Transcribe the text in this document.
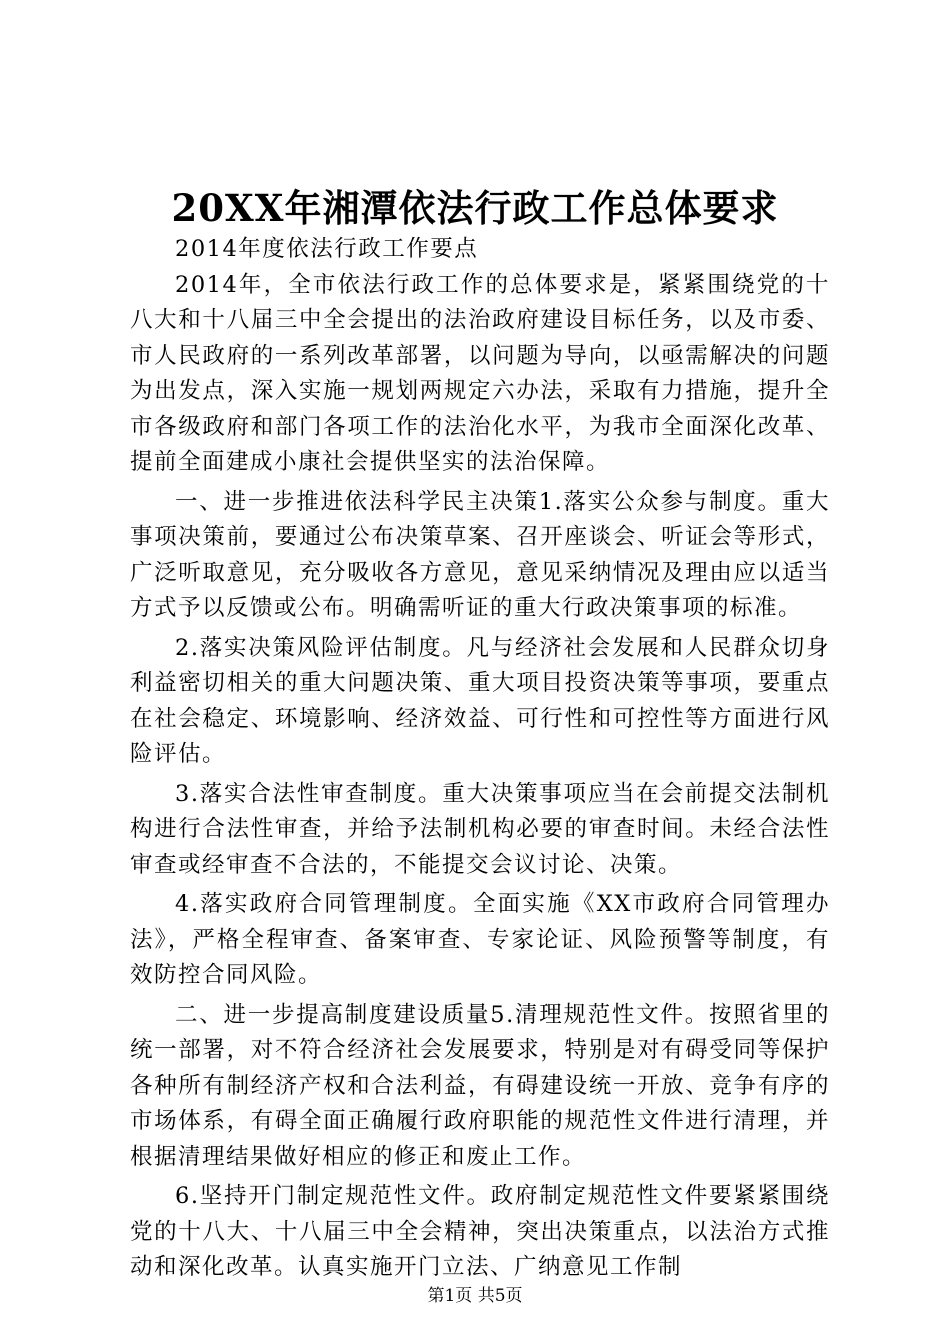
20XX年湘潭依法行政工作总体要求

2014年度依法行政工作要点

2014年，全市依法行政工作的总体要求是，紧紧围绕党的十八大和十八届三中全会提出的法治政府建设目标任务，以及市委、市人民政府的一系列改革部署，以问题为导向，以亟需解决的问题为出发点，深入实施一规划两规定六办法，采取有力措施，提升全市各级政府和部门各项工作的法治化水平，为我市全面深化改革、提前全面建成小康社会提供坚实的法治保障。

一、进一步推进依法科学民主决策1.落实公众参与制度。重大事项决策前，要通过公布决策草案、召开座谈会、听证会等形式，广泛听取意见，充分吸收各方意见，意见采纳情况及理由应以适当方式予以反馈或公布。明确需听证的重大行政决策事项的标准。

2.落实决策风险评估制度。凡与经济社会发展和人民群众切身利益密切相关的重大问题决策、重大项目投资决策等事项，要重点在社会稳定、环境影响、经济效益、可行性和可控性等方面进行风险评估。

3.落实合法性审查制度。重大决策事项应当在会前提交法制机构进行合法性审查，并给予法制机构必要的审查时间。未经合法性审查或经审查不合法的，不能提交会议讨论、决策。

4.落实政府合同管理制度。全面实施《XX市政府合同管理办法》，严格全程审查、备案审查、专家论证、风险预警等制度，有效防控合同风险。

二、进一步提高制度建设质量5.清理规范性文件。按照省里的统一部署，对不符合经济社会发展要求，特别是对有碍受同等保护各种所有制经济产权和合法利益，有碍建设统一开放、竞争有序的市场体系，有碍全面正确履行政府职能的规范性文件进行清理，并根据清理结果做好相应的修正和废止工作。

6.坚持开门制定规范性文件。政府制定规范性文件要紧紧围绕党的十八大、十八届三中全会精神，突出决策重点，以法治方式推动和深化改革。认真实施开门立法、广纳意见工作制

第1页 共5页
